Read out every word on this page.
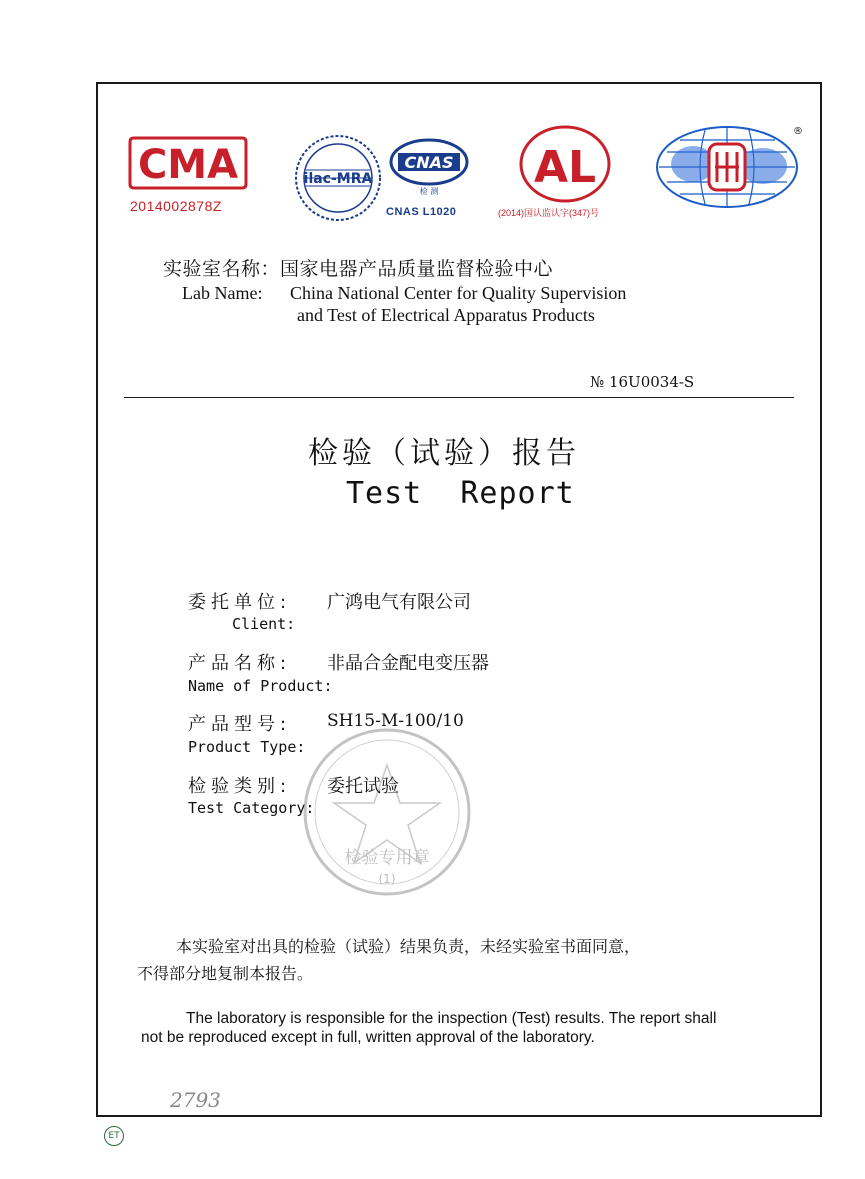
CMA
2014002878Z
ilac-MRA
CNAS
检 测
CNAS L1020
AL
(2014)国认监认字(347)号
®
实验室名称：国家电器产品质量监督检验中心
Lab Name: China National Center for Quality Supervision
and Test of Electrical Apparatus Products
№ 16U0034-S
检验（试验）报告
Test  Report
委托单位: 广鸿电气有限公司
Client:
产品名称: 非晶合金配电变压器
Name of Product:
产品型号: SH15-M-100/10
Product Type:
检验类别: 委托试验
Test Category:
检验专用章
(1)
本实验室对出具的检验（试验）结果负责，未经实验室书面同意，
不得部分地复制本报告。
The laboratory is responsible for the inspection (Test) results. The report shall
not be reproduced except in full, written approval of the laboratory.
2793
ET
